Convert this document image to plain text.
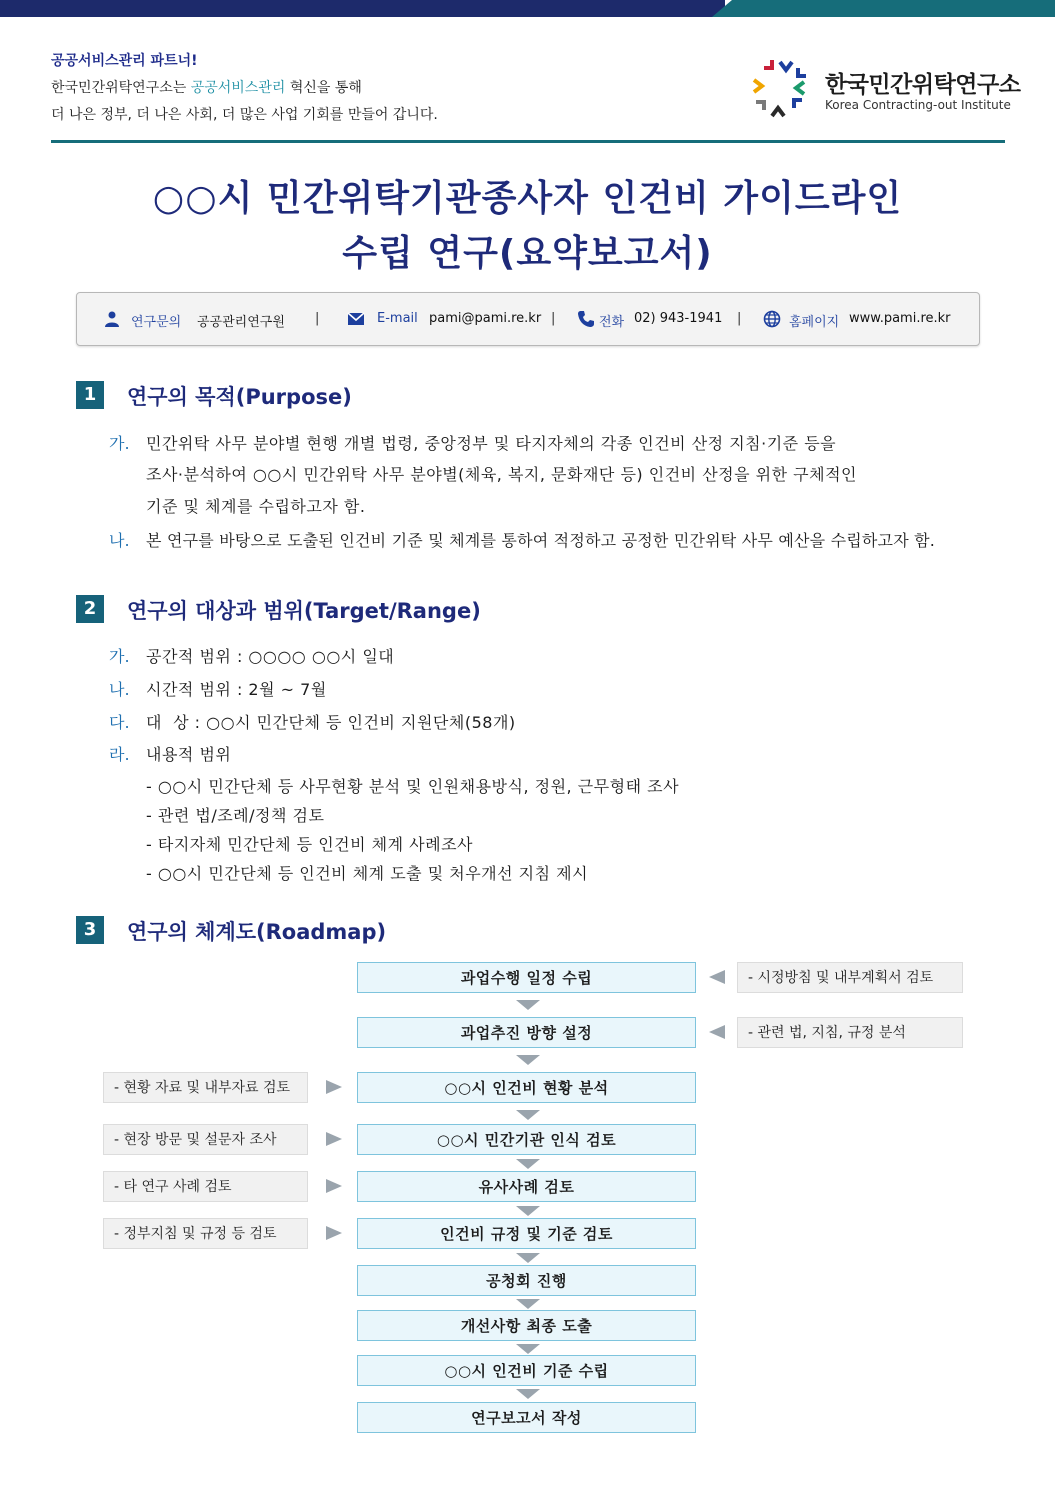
공공서비스관리 파트너!
한국민간위탁연구소는 공공서비스관리 혁신을 통해
더 나은 정부, 더 나은 사회, 더 많은 사업 기회를 만들어 갑니다.
한국민간위탁연구소
Korea Contracting-out Institute
○○시 민간위탁기관종사자 인건비 가이드라인
수립 연구(요약보고서)
연구문의 공공관리연구원 |	E-mail pami@pami.re.kr |	전화 02) 943-1941 |	홈페이지 www.pami.re.kr
1	연구의 목적(Purpose)
가. 민간위탁 사무 분야별 현행 개별 법령, 중앙정부 및 타지자체의 각종 인건비 산정 지침·기준 등을
조사·분석하여 ○○시 민간위탁 사무 분야별(체육, 복지, 문화재단 등) 인건비 산정을 위한 구체적인
기준 및 체계를 수립하고자 함.
나. 본 연구를 바탕으로 도출된 인건비 기준 및 체계를 통하여 적정하고 공정한 민간위탁 사무 예산을 수립하고자 함.
2	연구의 대상과 범위(Target/Range)
가. 공간적 범위 : ○○○○ ○○시 일대
나. 시간적 범위 : 2월 ~ 7월
다. 대  상 : ○○시 민간단체 등 인건비 지원단체(58개)
라. 내용적 범위
- ○○시 민간단체 등 사무현황 분석 및 인원채용방식, 정원, 근무형태 조사
- 관련 법/조례/정책 검토
- 타지자체 민간단체 등 인건비 체계 사례조사
- ○○시 민간단체 등 인건비 체계 도출 및 처우개선 지침 제시
3	연구의 체계도(Roadmap)
과업수행 일정 수립
과업추진 방향 설정
○○시 인건비 현황 분석
○○시 민간기관 인식 검토
유사사례 검토
인건비 규정 및 기준 검토
공청회 진행
개선사항 최종 도출
○○시 인건비 기준 수립
연구보고서 작성
- 시정방침 및 내부계획서 검토
- 관련 법, 지침, 규정 분석
- 현황 자료 및 내부자료 검토
- 현장 방문 및 설문자 조사
- 타 연구 사례 검토
- 정부지침 및 규정 등 검토
